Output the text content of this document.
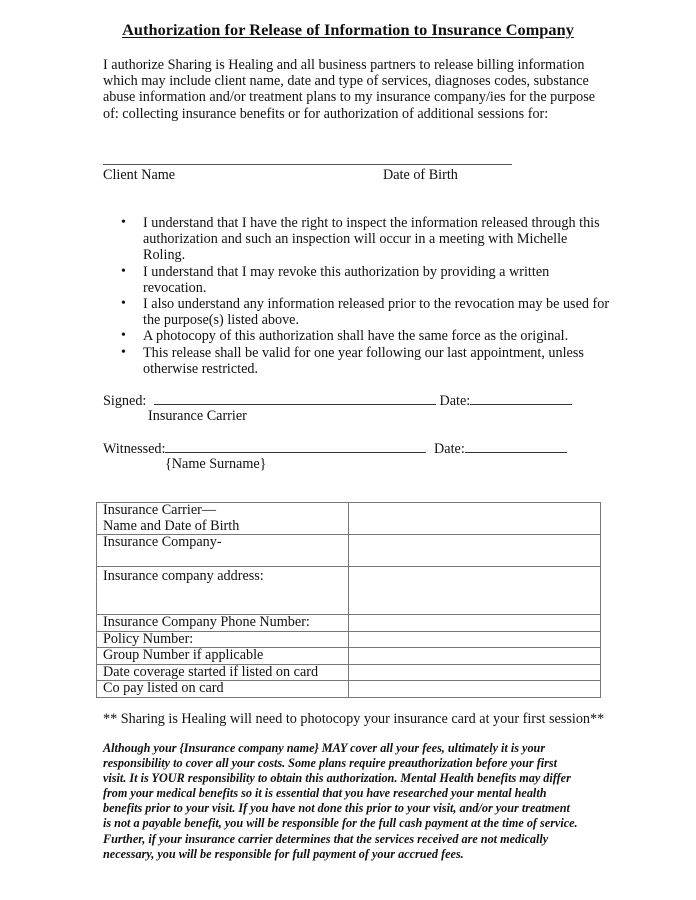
Authorization for Release of Information to Insurance Company
I authorize Sharing is Healing and all business partners to release billing information
which may include client name, date and type of services, diagnoses codes, substance
abuse information and/or treatment plans to my insurance company/ies for the purpose
of: collecting insurance benefits or for authorization of additional sessions for:
Client Name	Date of Birth
•	I understand that I have the right to inspect the information released through this
authorization and such an inspection will occur in a meeting with Michelle
Roling.
•	I understand that I may revoke this authorization by providing a written
revocation.
•	I also understand any information released prior to the revocation may be used for
the purpose(s) listed above.
•	A photocopy of this authorization shall have the same force as the original.
•	This release shall be valid for one year following our last appointment, unless
otherwise restricted.
Signed:	Date:
Insurance Carrier
Witnessed:	Date:
{Name Surname}
Insurance Carrier—
Name and Date of Birth	

Insurance Company-	

Insurance company address:	

Insurance Company Phone Number:	

Policy Number:	

Group Number if applicable	

Date coverage started if listed on card	

Co pay listed on card	

** Sharing is Healing will need to photocopy your insurance card at your first session**
Although your {Insurance company name} MAY cover all your fees, ultimately it is your
responsibility to cover all your costs. Some plans require preauthorization before your first
visit. It is YOUR responsibility to obtain this authorization. Mental Health benefits may differ
from your medical benefits so it is essential that you have researched your mental health
benefits prior to your visit. If you have not done this prior to your visit, and/or your treatment
is not a payable benefit, you will be responsible for the full cash payment at the time of service.
Further, if your insurance carrier determines that the services received are not medically
necessary, you will be responsible for full payment of your accrued fees.
